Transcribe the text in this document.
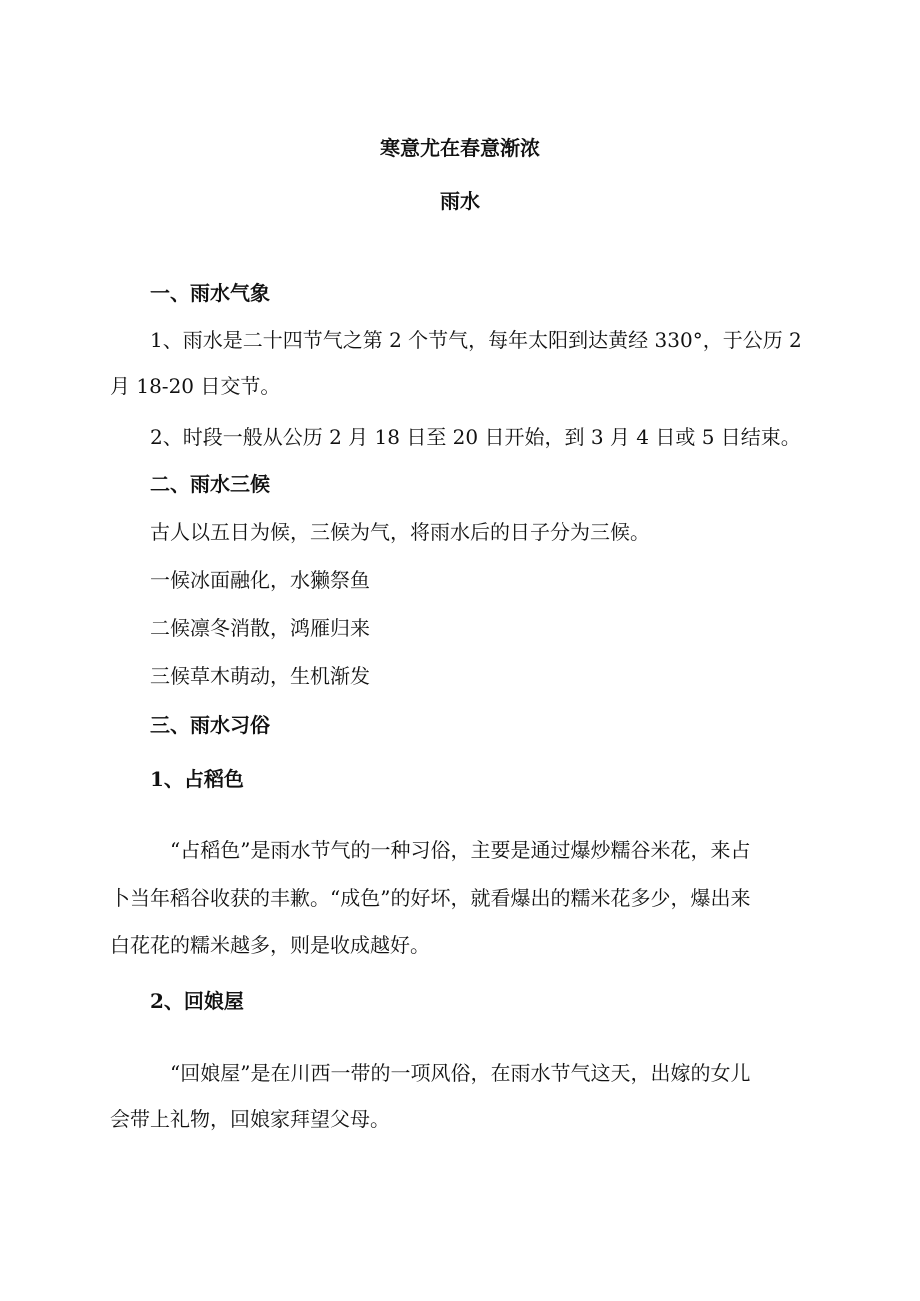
寒意尤在春意渐浓
雨水
一、雨水气象
1、雨水是二十四节气之第 2 个节气，每年太阳到达黄经 330°，于公历 2
月 18-20 日交节。
2、时段一般从公历 2 月 18 日至 20 日开始，到 3 月 4 日或 5 日结束。
二、雨水三候
古人以五日为候，三候为气，将雨水后的日子分为三候。
一候冰面融化，水獭祭鱼
二候凛冬消散，鸿雁归来
三候草木萌动，生机渐发
三、雨水习俗
1、占稻色
“占稻色”是雨水节气的一种习俗，主要是通过爆炒糯谷米花，来占
卜当年稻谷收获的丰歉。“成色”的好坏，就看爆出的糯米花多少，爆出来
白花花的糯米越多，则是收成越好。
2、回娘屋
“回娘屋”是在川西一带的一项风俗，在雨水节气这天，出嫁的女儿
会带上礼物，回娘家拜望父母。
